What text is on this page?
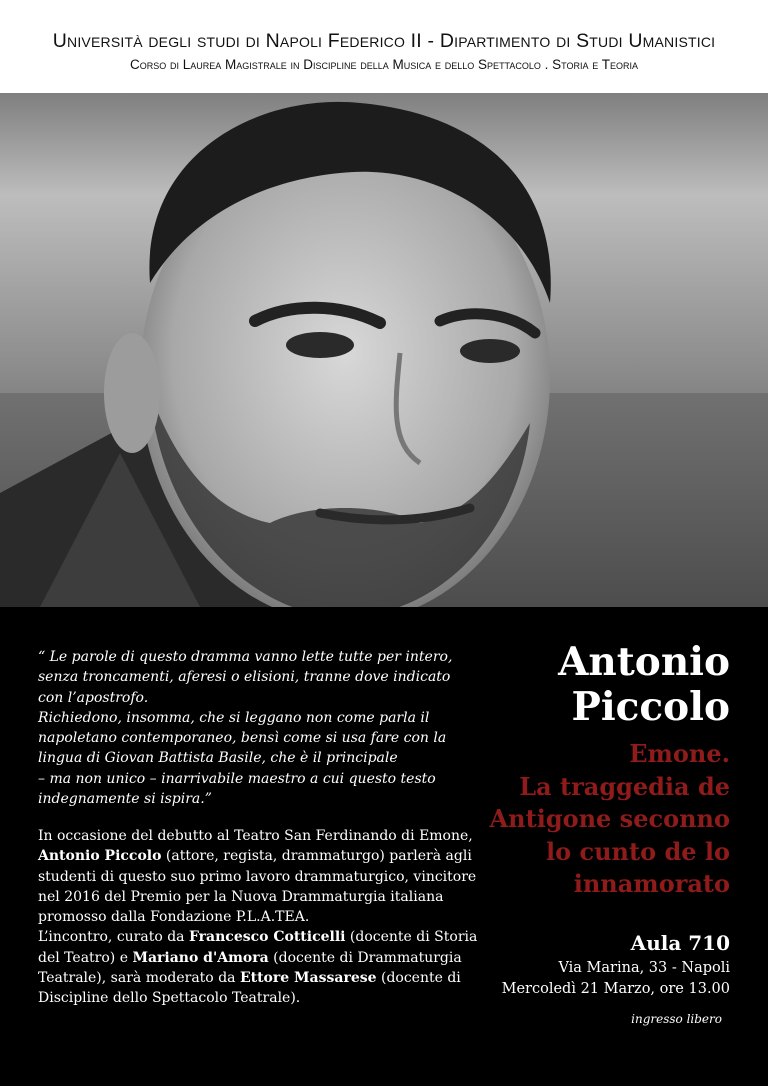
Università degli studi di Napoli Federico II - Dipartimento di Studi Umanistici
Corso di Laurea Magistrale in Discipline della Musica e dello Spettacolo . Storia e Teoria
“ Le parole di questo dramma vanno lette tutte per intero,
senza troncamenti, aferesi o elisioni, tranne dove indicato
con l’apostrofo.
Richiedono, insomma, che si leggano non come parla il
napoletano contemporaneo, bensì come si usa fare con la
lingua di Giovan Battista Basile, che è il principale
– ma non unico – inarrivabile maestro a cui questo testo
indegnamente si ispira.”
In occasione del debutto al Teatro San Ferdinando di Emone, Antonio Piccolo (attore, regista, drammaturgo) parlerà agli studenti di questo suo primo lavoro drammaturgico, vincitore nel 2016 del Premio per la Nuova Drammaturgia italiana promosso dalla Fondazione P.L.A.TEA.
L’incontro, curato da Francesco Cotticelli (docente di Storia del Teatro) e Mariano d'Amora (docente di Drammaturgia Teatrale), sarà moderato da Ettore Massarese (docente di Discipline dello Spettacolo Teatrale).
Antonio
Piccolo
Emone.
La traggedia de
Antigone seconno
lo cunto de lo
innamorato
Aula 710
Via Marina, 33 - Napoli
Mercoledì 21 Marzo, ore 13.00
ingresso libero
